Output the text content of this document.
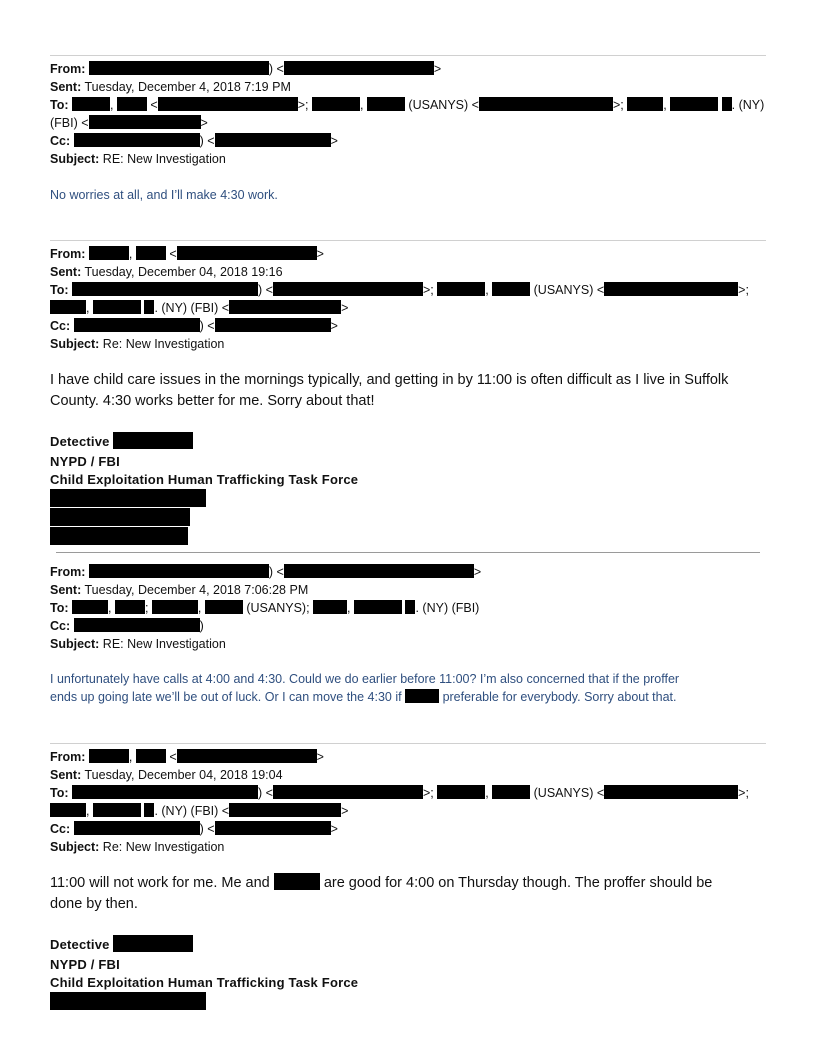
From:	) <	>
Sent: Tuesday, December 4, 2018 7:19 PM
To:	,  <	>;	,	(USANYS) <	>;	,	. (NY)
(FBI) <	>
Cc:	) <	>
Subject: RE: New Investigation
No worries at all, and I’ll make 4:30 work.
From:	,  <	>
Sent: Tuesday, December 04, 2018 19:16
To:	) <	>;	,	(USANYS) <	>;
,	. (NY) (FBI) <	>
Cc:	) <	>
Subject: Re: New Investigation
I have child care issues in the mornings typically, and getting in by 11:00 is often difficult as I live in Suffolk County. 4:30 works better for me. Sorry about that!
Detective
NYPD / FBI
Child Exploitation Human Trafficking Task Force
From:	) <	>
Sent: Tuesday, December 4, 2018 7:06:28 PM
To:	, ;	,	(USANYS);	,	. (NY) (FBI)
Cc:	)
Subject: RE: New Investigation
I unfortunately have calls at 4:00 and 4:30. Could we do earlier before 11:00? I’m also concerned that if the proffer
ends up going late we’ll be out of luck. Or I can move the 4:30 if	preferable for everybody. Sorry about that.
From:	,  <	>
Sent: Tuesday, December 04, 2018 19:04
To:	) <	>;	,	(USANYS) <	>;
,	. (NY) (FBI) <	>
Cc:	) <	>
Subject: Re: New Investigation
11:00 will not work for me. Me and	are good for 4:00 on Thursday though. The proffer should be
done by then.
Detective
NYPD / FBI
Child Exploitation Human Trafficking Task Force
